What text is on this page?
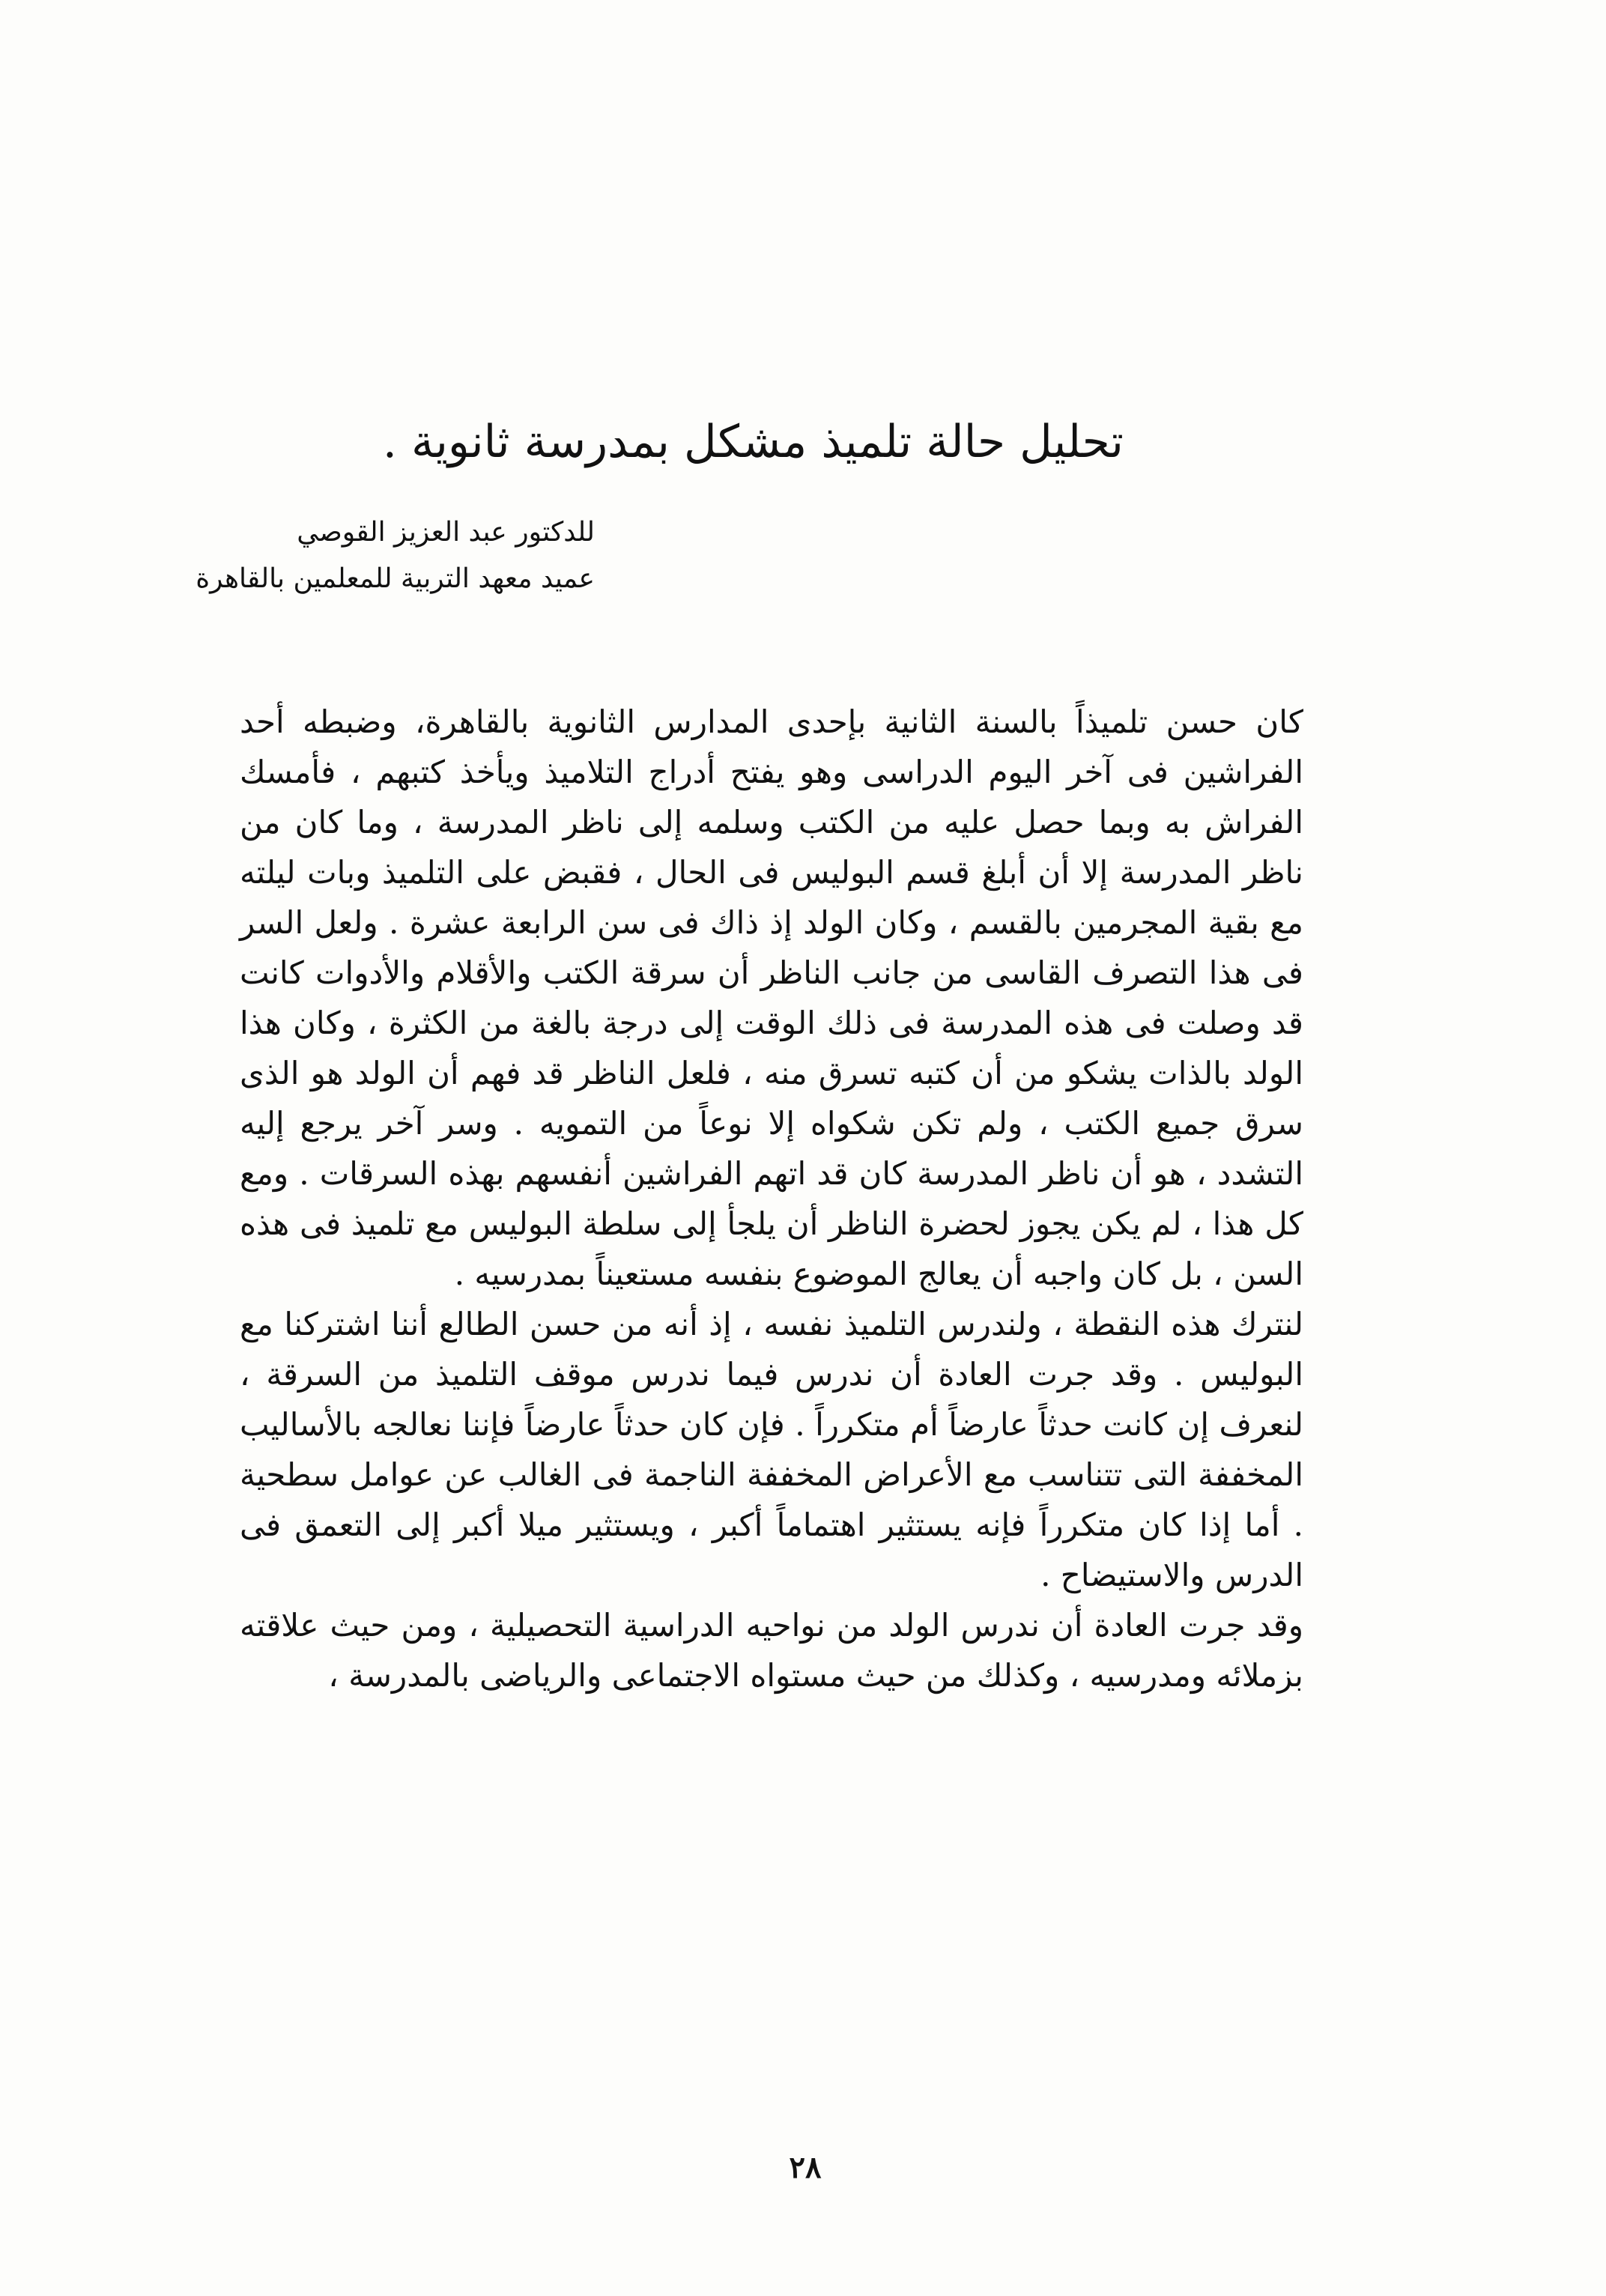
تحليل حالة تلميذ مشكل بمدرسة ثانوية .
للدكتور عبد العزيز القوصي
عميد معهد التربية للمعلمين بالقاهرة

كان حسن تلميذاً بالسنة الثانية بإحدى المدارس الثانوية بالقاهرة، وضبطه أحد الفراشين فى آخر اليوم الدراسى وهو يفتح أدراج التلاميذ ويأخذ كتبهم ، فأمسك الفراش به وبما حصل عليه من الكتب وسلمه إلى ناظر المدرسة ، وما كان من ناظر المدرسة إلا أن أبلغ قسم البوليس فى الحال ، فقبض على التلميذ وبات ليلته مع بقية المجرمين بالقسم ، وكان الولد إذ ذاك فى سن الرابعة عشرة . ولعل السر فى هذا التصرف القاسى من جانب الناظر أن سرقة الكتب والأقلام والأدوات كانت قد وصلت فى هذه المدرسة فى ذلك الوقت إلى درجة بالغة من الكثرة ، وكان هذا الولد بالذات يشكو من أن كتبه تسرق منه ، فلعل الناظر قد فهم أن الولد هو الذى سرق جميع الكتب ، ولم تكن شكواه إلا نوعاً من التمويه . وسر آخر يرجع إليه التشدد ، هو أن ناظر المدرسة كان قد اتهم الفراشين أنفسهم بهذه السرقات . ومع كل هذا ، لم يكن يجوز لحضرة الناظر أن يلجأ إلى سلطة البوليس مع تلميذ فى هذه السن ، بل كان واجبه أن يعالج الموضوع بنفسه مستعيناً بمدرسيه .

لنترك هذه النقطة ، ولندرس التلميذ نفسه ، إذ أنه من حسن الطالع أننا اشتركنا مع البوليس . وقد جرت العادة أن ندرس فيما ندرس موقف التلميذ من السرقة ، لنعرف إن كانت حدثاً عارضاً أم متكرراً . فإن كان حدثاً عارضاً فإننا نعالجه بالأساليب المخففة التى تتناسب مع الأعراض المخففة الناجمة فى الغالب عن عوامل سطحية . أما إذا كان متكرراً فإنه يستثير اهتماماً أكبر ، ويستثير ميلا أكبر إلى التعمق فى الدرس والاستيضاح .

وقد جرت العادة أن ندرس الولد من نواحيه الدراسية التحصيلية ، ومن حيث علاقته بزملائه ومدرسيه ، وكذلك من حيث مستواه الاجتماعى والرياضى بالمدرسة ،

٢٨
